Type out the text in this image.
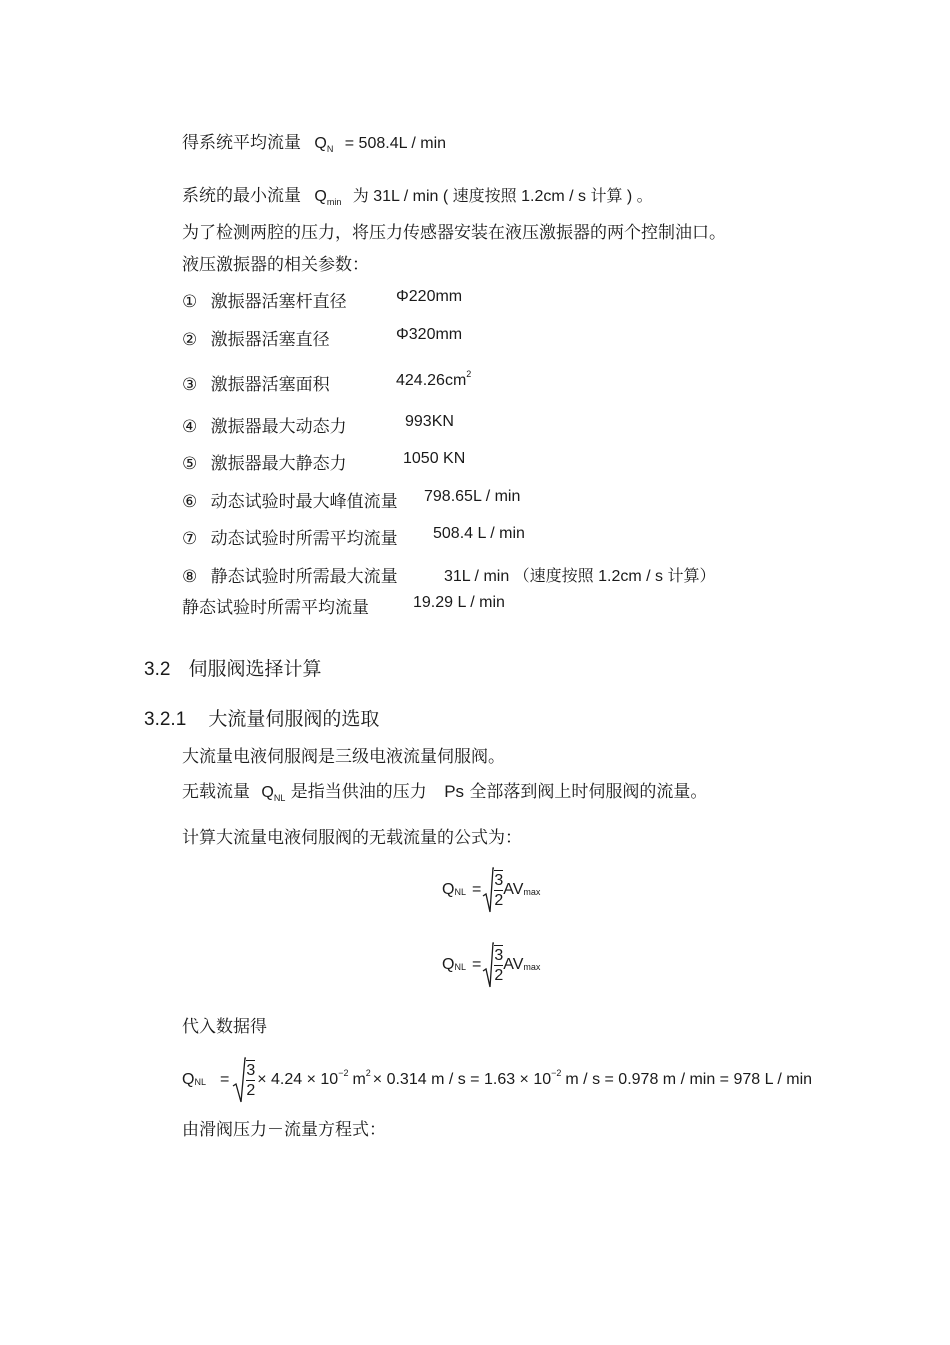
得系统平均流量 $Q_N = 508.4L / \min$
系统的最小流量 $Q_{min}$ 为 31L / min ( 速度按照 1.2cm / s 计算 ) 。
为了检测两腔的压力，将压力传感器安装在液压激振器的两个控制油口。
液压激振器的相关参数：
① 激振器活塞杆直径	Φ220mm
② 激振器活塞直径	Φ320mm
③ 激振器活塞面积	$424.26cm^2$
④ 激振器最大动态力	993KN
⑤ 激振器最大静态力	1050 KN
⑥ 动态试验时最大峰值流量 798.65L / min
⑦ 动态试验时所需平均流量 508.4 L / min
⑧ 静态试验时所需最大流量	31L / min （速度按照 1.2cm / s 计算）
静态试验时所需平均流量	19.29 L / min
3.2 伺服阀选择计算
3.2.1 大流量伺服阀的选取
大流量电液伺服阀是三级电液流量伺服阀。
无载流量 $Q_{NL}$ 是指当供油的压力 Ps 全部落到阀上时伺服阀的流量。
计算大流量电液伺服阀的无载流量的公式为：
Q NL = $\frac{3}{2}$ AV max
Q NL = $\frac{3}{2}$ AV max
代入数据得
Q NL = $\frac{3}{2} \times 4.24 \times 10 -2$ m 2 × 0.314 m / s = 1.63 × 10 −2 m / s = 0.978 m / min = 978 L / min
由滑阀压力－流量方程式：
